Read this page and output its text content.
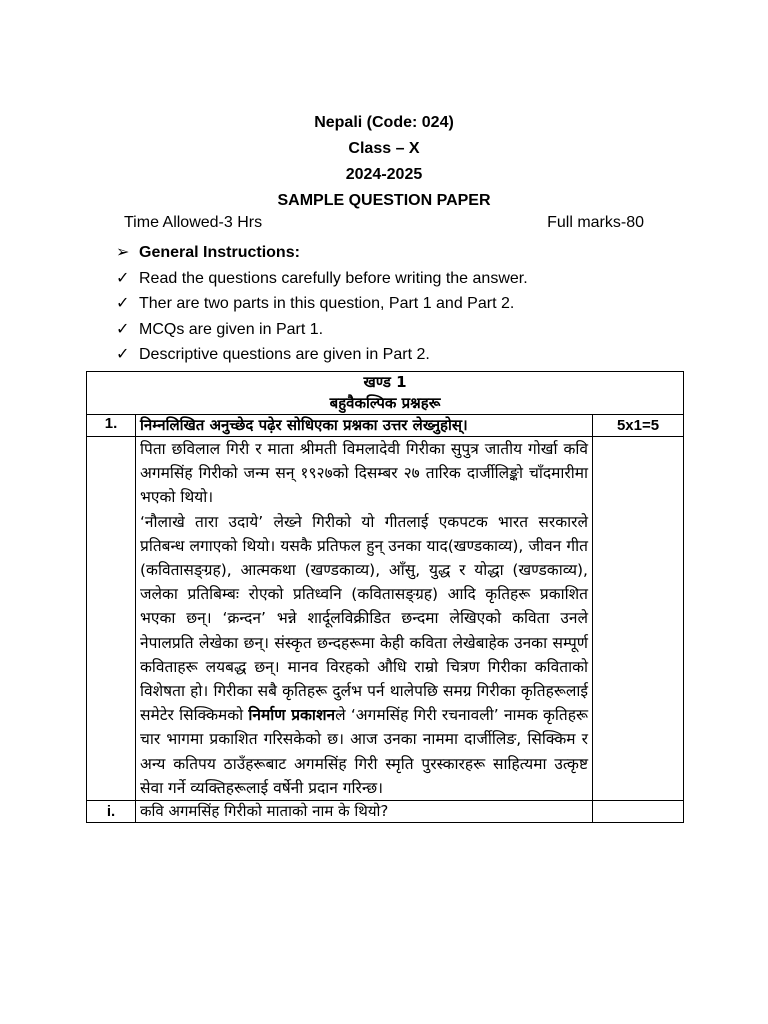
Nepali (Code: 024)

Class – X

2024-2025

SAMPLE QUESTION PAPER

Time Allowed-3 Hrs	Full marks-80
➢ General Instructions:
✓ Read the questions carefully before writing the answer.
✓ Ther are two parts in this question, Part 1 and Part 2.
✓ MCQs are given in Part 1.
✓ Descriptive questions are given in Part 2.
खण्ड 1
बहुवैकल्पिक प्रश्नहरू		

1.	निम्नलिखित अनुच्छेद पढ़ेर सोधिएका प्रश्नका उत्तर लेख्नुहोस्।	5x1=5

	पिता छविलाल गिरी र माता श्रीमती विमलादेवी गिरीका सुपुत्र जातीय गोर्खा कवि अगमसिंह गिरीको जन्म सन् १९२७को दिसम्बर २७ तारिक दार्जीलिङ्को चाँदमारीमा भएको थियो।

‘नौलाखे तारा उदाये’ लेख्ने गिरीको यो गीतलाई एकपटक भारत सरकारले प्रतिबन्ध लगाएको थियो। यसकै प्रतिफल हुन् उनका याद(खण्डकाव्य), जीवन गीत (कवितासङ्ग्रह), आत्मकथा (खण्डकाव्य), आँसु, युद्ध र योद्धा (खण्डकाव्य), जलेका प्रतिबिम्बः रोएको प्रतिध्वनि (कवितासङ्ग्रह) आदि कृतिहरू प्रकाशित भएका छन्। ‘क्रन्दन’ भन्ने शार्दूलविक्रीडित छन्दमा लेखिएको कविता उनले नेपालप्रति लेखेका छन्। संस्कृत छन्दहरूमा केही कविता लेखेबाहेक उनका सम्पूर्ण कविताहरू लयबद्ध छन्। मानव विरहको औधि राम्रो चित्रण गिरीका कविताको विशेषता हो। गिरीका सबै कृतिहरू दुर्लभ पर्न थालेपछि समग्र गिरीका कृतिहरूलाई समेटेर सिक्किमको निर्माण प्रकाशनले ‘अगमसिंह गिरी रचनावली’ नामक कृतिहरू चार भागमा प्रकाशित गरिसकेको छ। आज उनका नाममा दार्जीलिङ, सिक्किम र अन्य कतिपय ठाउँहरूबाट अगमसिंह गिरी स्मृति पुरस्कारहरू साहित्यमा उत्कृष्ट सेवा गर्ने व्यक्तिहरूलाई वर्षेनी प्रदान गरिन्छ।	

i.	कवि अगमसिंह गिरीको माताको नाम के थियो?	
